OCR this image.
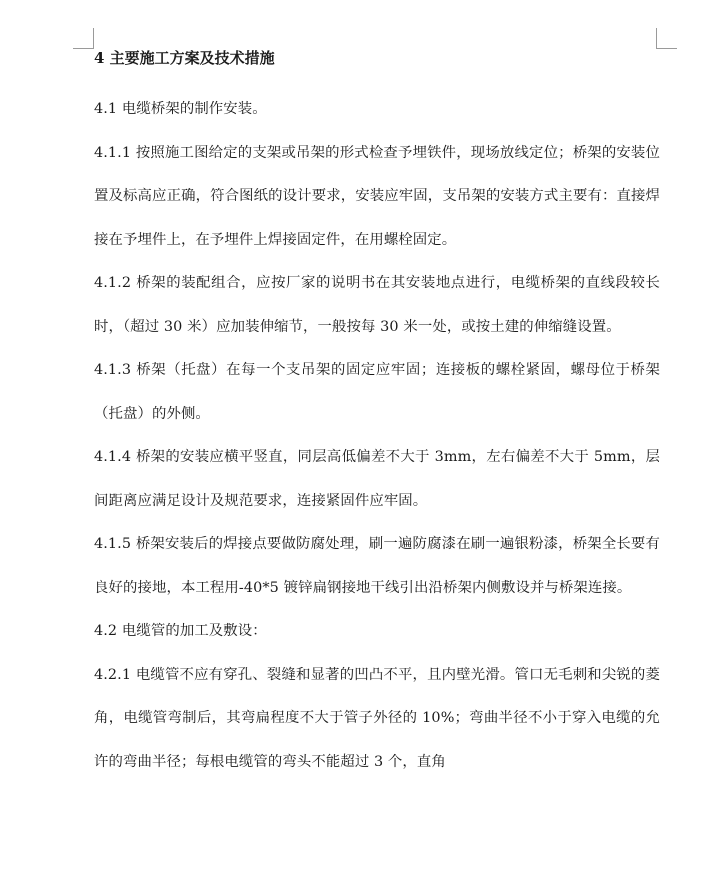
4 主要施工方案及技术措施

4.1 电缆桥架的制作安装。

4.1.1 按照施工图给定的支架或吊架的形式检查予埋铁件，现场放线定位；桥架的安装位置及标高应正确，符合图纸的设计要求，安装应牢固，支吊架的安装方式主要有：直接焊接在予埋件上，在予埋件上焊接固定件，在用螺栓固定。

4.1.2 桥架的装配组合，应按厂家的说明书在其安装地点进行，电缆桥架的直线段较长时，（超过 30 米）应加装伸缩节，一般按每 30 米一处，或按土建的伸缩缝设置。

4.1.3 桥架（托盘）在每一个支吊架的固定应牢固；连接板的螺栓紧固，螺母位于桥架（托盘）的外侧。

4.1.4 桥架的安装应横平竖直，同层高低偏差不大于 3mm，左右偏差不大于 5mm，层间距离应满足设计及规范要求，连接紧固件应牢固。

4.1.5 桥架安装后的焊接点要做防腐处理，刷一遍防腐漆在刷一遍银粉漆，桥架全长要有良好的接地，本工程用-40*5 镀锌扁钢接地干线引出沿桥架内侧敷设并与桥架连接。

4.2 电缆管的加工及敷设：

4.2.1 电缆管不应有穿孔、裂缝和显著的凹凸不平，且内壁光滑。管口无毛刺和尖锐的菱角，电缆管弯制后，其弯扁程度不大于管子外径的 10%；弯曲半径不小于穿入电缆的允许的弯曲半径；每根电缆管的弯头不能超过 3 个，直角
